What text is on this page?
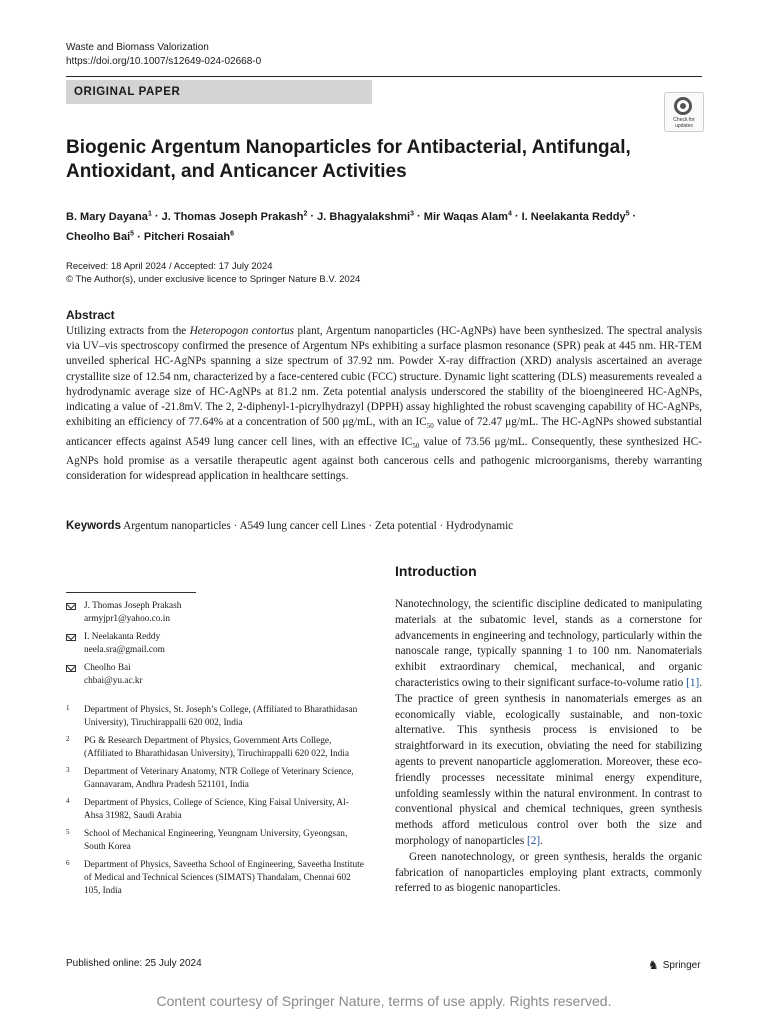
Waste and Biomass Valorization
https://doi.org/10.1007/s12649-024-02668-0
ORIGINAL PAPER
Check for
updates
Biogenic Argentum Nanoparticles for Antibacterial, Antifungal, Antioxidant, and Anticancer Activities
B. Mary Dayana$^1$ · J. Thomas Joseph Prakash$^2$ · J. Bhagyalakshmi$^3$ · Mir Waqas Alam$^4$ · I. Neelakanta Reddy$^5$ ·
Cheolho Bai$^5$ · Pitcheri Rosaiah$^6$
Received: 18 April 2024 / Accepted: 17 July 2024
© The Author(s), under exclusive licence to Springer Nature B.V. 2024
Abstract
Utilizing extracts from the Heteropogon contortus plant, Argentum nanoparticles (HC-AgNPs) have been synthesized. The spectral analysis via UV–vis spectroscopy confirmed the presence of Argentum NPs exhibiting a surface plasmon resonance (SPR) peak at 445 nm. HR-TEM unveiled spherical HC-AgNPs spanning a size spectrum of 37.92 nm. Powder X-ray diffraction (XRD) analysis ascertained an average crystallite size of 12.54 nm, characterized by a face-centered cubic (FCC) structure. Dynamic light scattering (DLS) measurements revealed a hydrodynamic average size of HC-AgNPs at 81.2 nm. Zeta potential analysis underscored the stability of the bioengineered HC-AgNPs, indicating a value of -21.8mV. The 2, 2-diphenyl-1-picrylhydrazyl (DPPH) assay highlighted the robust scavenging capability of HC-AgNPs, exhibiting an efficiency of 77.64% at a concentration of 500 μg/mL, with an $IC_{50}$ value of 72.47 μg/mL. The HC-AgNPs showed substantial anticancer effects against A549 lung cancer cell lines, with an effective $IC_{50}$ value of 73.56 μg/mL. Consequently, these synthesized HC-AgNPs hold promise as a versatile therapeutic agent against both cancerous cells and pathogenic microorganisms, thereby warranting consideration for widespread application in healthcare settings.
Keywords Argentum nanoparticles · A549 lung cancer cell Lines · Zeta potential · Hydrodynamic
Introduction
J. Thomas Joseph Prakash
armyjpr1@yahoo.co.in
I. Neelakanta Reddy
neela.sra@gmail.com
Cheolho Bai
chbai@yu.ac.kr
1 Department of Physics, St. Joseph’s College, (Affiliated to Bharathidasan University), Tiruchirappalli 620 002, India
2 PG & Research Department of Physics, Government Arts College, (Affiliated to Bharathidasan University), Tiruchirappalli 620 022, India
3 Department of Veterinary Anatomy, NTR College of Veterinary Science, Gannavaram, Andhra Pradesh 521101, India
4 Department of Physics, College of Science, King Faisal University, Al-Ahsa 31982, Saudi Arabia
5 School of Mechanical Engineering, Yeungnam University, Gyeongsan, South Korea
6 Department of Physics, Saveetha School of Engineering, Saveetha Institute of Medical and Technical Sciences (SIMATS) Thandalam, Chennai 602 105, India

Nanotechnology, the scientific discipline dedicated to manipulating materials at the subatomic level, stands as a cornerstone for advancements in engineering and technology, particularly within the nanoscale range, typically spanning 1 to 100 nm. Nanomaterials exhibit extraordinary chemical, mechanical, and organic characteristics owing to their significant surface-to-volume ratio [1]. The practice of green synthesis in nanomaterials emerges as an economically viable, ecologically sustainable, and non-toxic alternative. This synthesis process is envisioned to be straightforward in its execution, obviating the need for stabilizing agents to prevent nanoparticle agglomeration. Moreover, these eco-friendly processes necessitate minimal energy expenditure, unfolding seamlessly within the natural environment. In contrast to conventional physical and chemical techniques, green synthesis methods afford meticulous control over both the size and morphology of nanoparticles [2].

Green nanotechnology, or green synthesis, heralds the organic fabrication of nanoparticles employing plant extracts, commonly referred to as biogenic nanoparticles.

Published online: 25 July 2024	♞ Springer
Content courtesy of Springer Nature, terms of use apply. Rights reserved.
